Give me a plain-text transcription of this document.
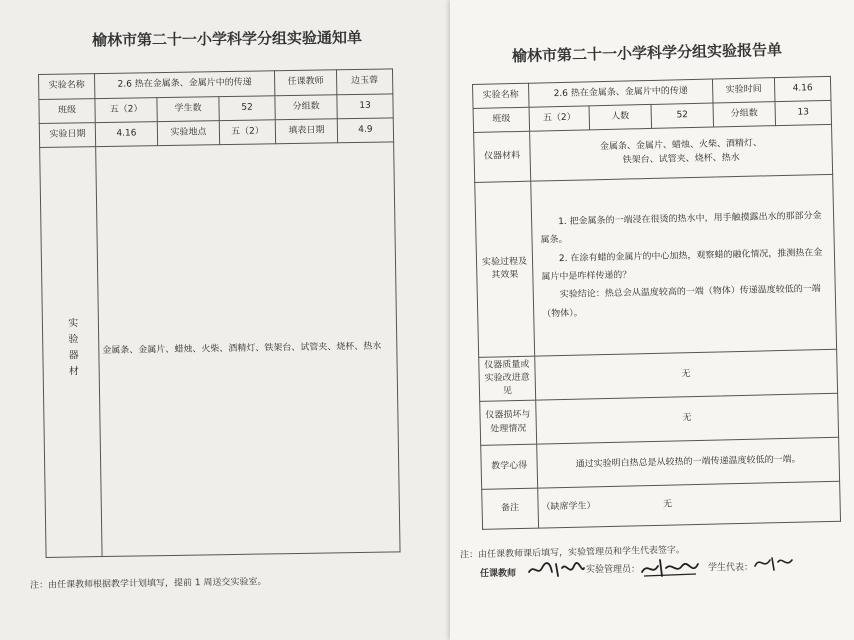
榆林市第二十一小学科学分组实验通知单
实验名称	2.6 热在金属条、金属片中的传递			任课教师	边玉蓉
班级	五（2）	学生数	52	分组数	13
实验日期	4.16	实验地点	五（2）	填表日期	4.9
实验器材	金属条、金属片、蜡烛、火柴、酒精灯、铁架台、试管夹、烧杯、热水				
注：由任课教师根据教学计划填写，提前 1 周送交实验室。
榆林市第二十一小学科学分组实验报告单
实验名称	2.6 热在金属条、金属片中的传递			实验时间	4.16
班级	五（2）	人数	52	分组数	13
仪器材料	金属条、金属片、蜡烛、火柴、酒精灯、
铁架台、试管夹、烧杯、热水				

实验过程及其效果	1. 把金属条的一端浸在很烫的热水中，用手触摸露出水的那部分金属条。

2. 在涂有蜡的金属片的中心加热，观察蜡的融化情况，推测热在金属片中是咋样传递的？

实验结论：热总会从温度较高的一端（物体）传递温度较低的一端（物体）。				

仪器质量或实验改进意见	无				
仪器损坏与处理情况	无				
教学心得	通过实验明白热总是从较热的一端传递温度较低的一端。				
备注	（缺席学生）		无		
注：由任课教师课后填写，实验管理员和学生代表签字。
任课教师	实验管理员：	学生代表：
